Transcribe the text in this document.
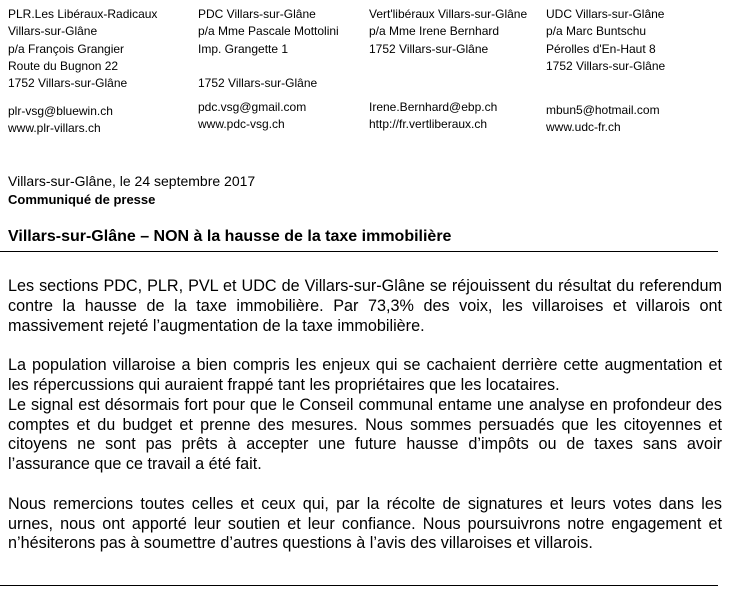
PLR.Les Libéraux-Radicaux
Villars-sur-Glâne
p/a François Grangier
Route du Bugnon 22
1752 Villars-sur-Glâne
plr-vsg@bluewin.ch
www.plr-villars.ch
PDC Villars-sur-Glâne
p/a Mme Pascale Mottolini
Imp. Grangette 1

1752 Villars-sur-Glâne
pdc.vsg@gmail.com
www.pdc-vsg.ch
Vert'libéraux Villars-sur-Glâne
p/a Mme Irene Bernhard
1752 Villars-sur-Glâne
Irene.Bernhard@ebp.ch
http://fr.vertliberaux.ch
UDC Villars-sur-Glâne
p/a Marc Buntschu
Pérolles d'En-Haut 8
1752 Villars-sur-Glâne
mbun5@hotmail.com
www.udc-fr.ch
Villars-sur-Glâne, le 24 septembre 2017
Communiqué de presse
Villars-sur-Glâne – NON à la hausse de la taxe immobilière

Les sections PDC, PLR, PVL et UDC de Villars-sur-Glâne se réjouissent du résultat du referendum contre la hausse de la taxe immobilière. Par 73,3% des voix, les villaroises et villarois ont massivement rejeté l’augmentation de la taxe immobilière.

La population villaroise a bien compris les enjeux qui se cachaient derrière cette augmentation et les répercussions qui auraient frappé tant les propriétaires que les locataires.

Le signal est désormais fort pour que le Conseil communal entame une analyse en profondeur des comptes et du budget et prenne des mesures. Nous sommes persuadés que les citoyennes et citoyens ne sont pas prêts à accepter une future hausse d’impôts ou de taxes sans avoir l’assurance que ce travail a été fait.

Nous remercions toutes celles et ceux qui, par la récolte de signatures et leurs votes dans les urnes, nous ont apporté leur soutien et leur confiance. Nous poursuivrons notre engagement et n’hésiterons pas à soumettre d’autres questions à l’avis des villaroises et villarois.
